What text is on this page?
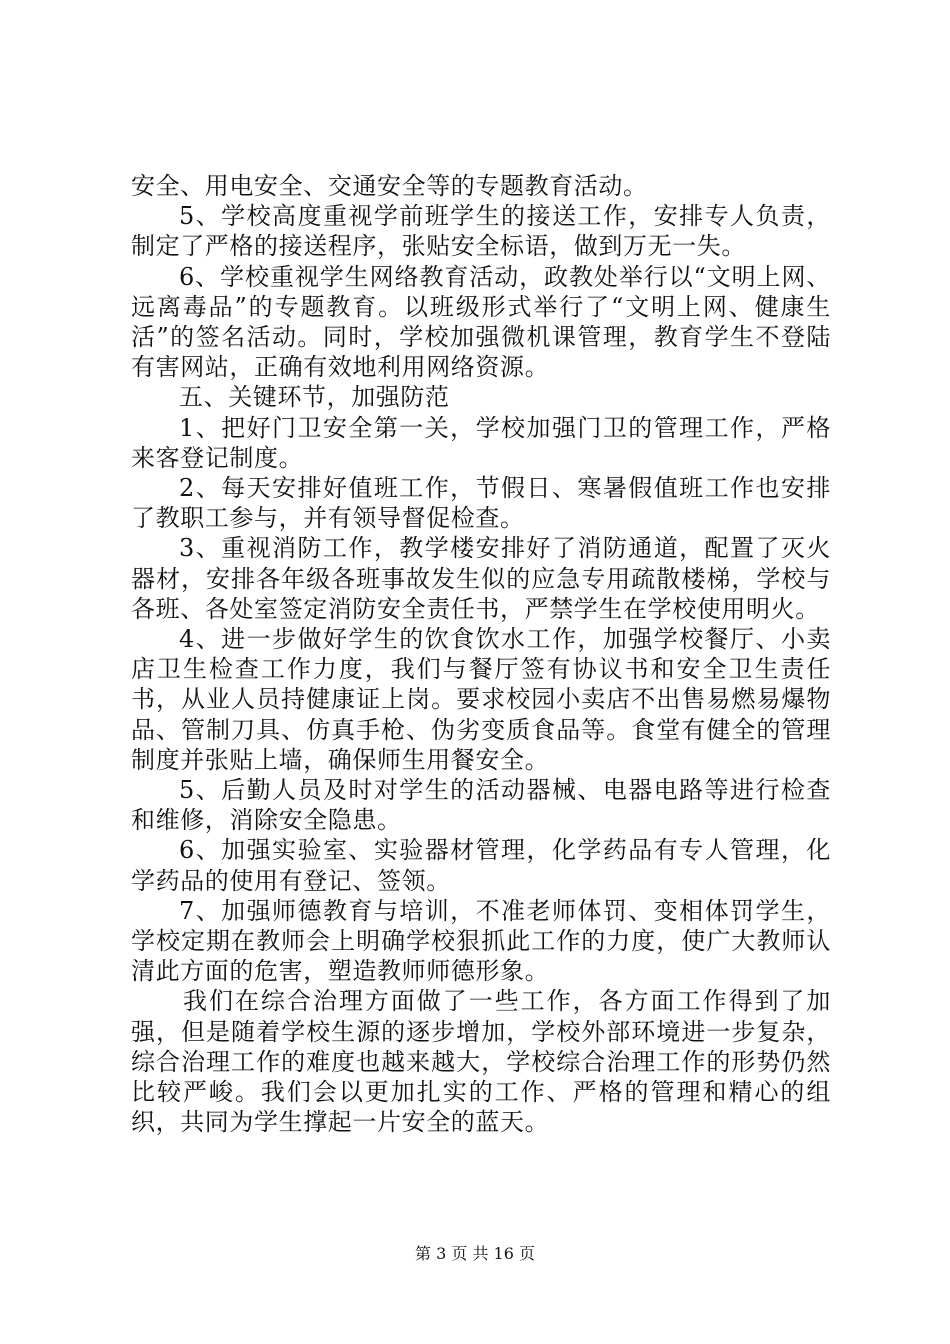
安全、用电安全、交通安全等的专题教育活动。

5、学校高度重视学前班学生的接送工作，安排专人负责，制定了严格的接送程序，张贴安全标语，做到万无一失。

6、学校重视学生网络教育活动，政教处举行以“文明上网、远离毒品”的专题教育。以班级形式举行了“文明上网、健康生活”的签名活动。同时，学校加强微机课管理，教育学生不登陆有害网站，正确有效地利用网络资源。

五、关键环节，加强防范

1、把好门卫安全第一关，学校加强门卫的管理工作，严格来客登记制度。

2、每天安排好值班工作，节假日、寒暑假值班工作也安排了教职工参与，并有领导督促检查。

3、重视消防工作，教学楼安排好了消防通道，配置了灭火器材，安排各年级各班事故发生似的应急专用疏散楼梯，学校与各班、各处室签定消防安全责任书，严禁学生在学校使用明火。

4、进一步做好学生的饮食饮水工作，加强学校餐厅、小卖店卫生检查工作力度，我们与餐厅签有协议书和安全卫生责任书，从业人员持健康证上岗。要求校园小卖店不出售易燃易爆物品、管制刀具、仿真手枪、伪劣变质食品等。食堂有健全的管理制度并张贴上墙，确保师生用餐安全。

5、后勤人员及时对学生的活动器械、电器电路等进行检查和维修，消除安全隐患。

6、加强实验室、实验器材管理，化学药品有专人管理，化学药品的使用有登记、签领。

7、加强师德教育与培训，不准老师体罚、变相体罚学生，学校定期在教师会上明确学校狠抓此工作的力度，使广大教师认清此方面的危害，塑造教师师德形象。

我们在综合治理方面做了一些工作，各方面工作得到了加强，但是随着学校生源的逐步增加，学校外部环境进一步复杂，综合治理工作的难度也越来越大，学校综合治理工作的形势仍然比较严峻。我们会以更加扎实的工作、严格的管理和精心的组织，共同为学生撑起一片安全的蓝天。

第 3 页 共 16 页
